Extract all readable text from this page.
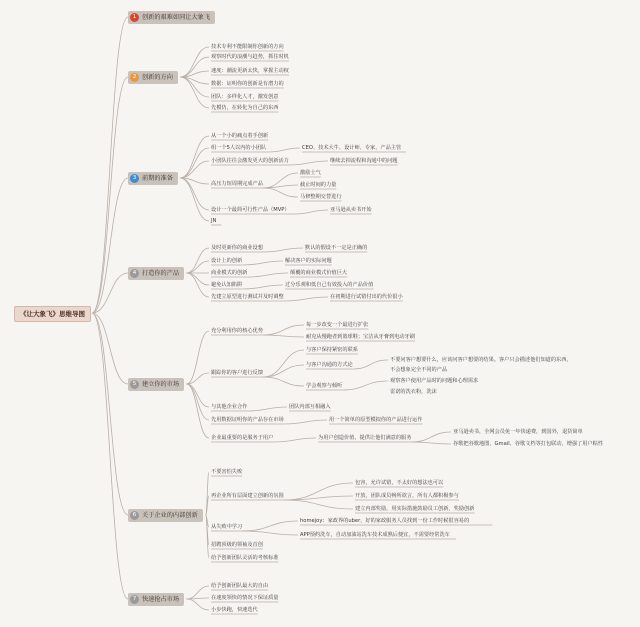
《让大象飞》思维导图
1 创新的艰难如同让大象飞
2 创新的方向
技术专利不能限制你创新的方向
观察时代的浪潮与趋势，抓住时机
速度：潮流更新太快，掌握主动权
数据：证明你的创新是有潜力的
团队：多样化人才，激发创意
先模仿，在转化为自己的东西
3 前期的准备
从一个小的痛点着手创新
组一个5人以内的小团队	CEO、技术大牛、设计师、专家、产品主管
小团队往往会激发更大的创新活力	继续去掉流程和沟通中的问题
高压力短周期完成产品
激励士气
截止时间的力量
马修整期交替进行
设计一个最简可行性产品（MVP）	亚马逊从卖书开始
JN
4 打造你的产品
及时更新你的商业设想	默认的假设不一定是正确的
设计上的创新	解决客户的实际问题
商业模式的创新	颠覆的商业模式价值巨大
避免认知陷阱	过分乐观和低自己有效投入的产品价值
先建立原型进行测试并及时调整	在初期进行试错付出的代价很小
5 建立你的市场
充分利用你的核心优势
每一步改变一个最进行扩张
耐克从慢跑者到篮球鞋；宝洁从牙膏到电动牙刷
跟踪你的客户进行反馈
与客户保持紧密的联系
与客户沟通的方式论
学会观察与倾听
不要问客户想要什么，应该问客户想要的结果。客户只会描述他们知道的东西，
不会想象完全不同的产品
观察客户使用产品时的问题和心理需求
雷诺的洗衣粉，洗沫
与其他企业合作	团队内部互相融入
先用数据证明你的产品存在市场	用一个简单的原型模拟你的产品进行运作
企业最重要的是服务于用户	为用户创造价值，提供让他们满意的服务
亚马逊卖书，全网会员免一年快递费，到国外，退货简单
谷歌把谷歌地图、Gmail、谷歌文档等打包联动，增强了用户粘性
6 关于企业的内部创新
不要害怕失败
再企业所有层面建立创新的氛围
包容，允许试错，不太好的想法也可以
开放，团队成员畅所欲言，所有人都积极参与
建立内部奖励，用实际措施鼓励员工创新，奖励创新
从失败中学习
homejoy：家政界的uber，好的家政服务人员找到一份工作时候很容易的
APP预约洗车，自动加油站洗车技术成熟后便宜，不需要经常洗车
招聘顶级的领袖及首创
给予创新团队灵活的考核标准
7 快速抢占市场
给予创新团队最大的自由
在速度领快的情况下保证质量
小步快跑，快速迭代
